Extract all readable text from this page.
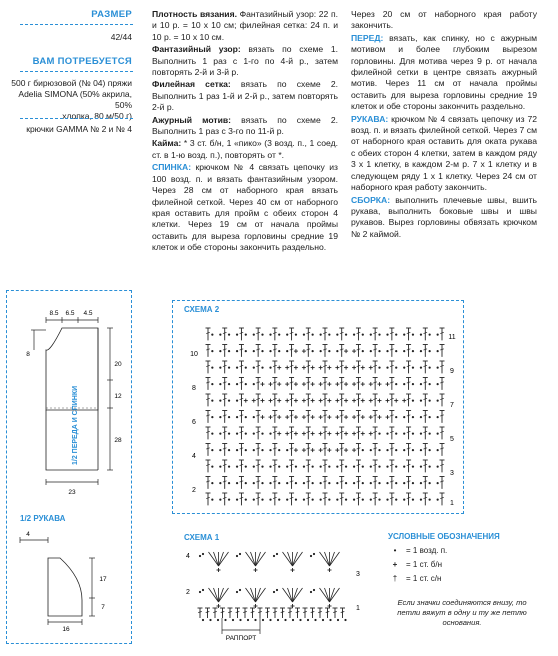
РАЗМЕР
42/44
ВАМ ПОТРЕБУЕТСЯ
500 г бирюзовой (№ 04) пряжи
Adelia SIMONA (50% акрила, 50%
хлопка, 80 м/50 г)
крючки GAMMA № 2 и № 4

Плотность вязания. Фантазийный узор: 22 п. и 10 р. = 10 х 10 см; филейная сетка: 24 п. и 10 р. = 10 х 10 см.

Фантазийный узор: вязать по схеме 1. Выполнить 1 раз с 1-го по 4-й р., затем повторять 2-й и 3-й р.

Филейная сетка: вязать по схеме 2. Выполнить 1 раз 1-й и 2-й р., затем повторять 2-й р.

Ажурный мотив: вязать по схеме 2. Выполнить 1 раз с 3-го по 11-й р.

Кайма: * 3 ст. б/н, 1 «пико» (3 возд. п., 1 соед. ст. в 1-ю возд. п.), повторять от *.

СПИНКА: крючком № 4 связать цепочку из 100 возд. п. и вязать фантазийным узором. Через 28 см от наборного края вязать филейной сеткой. Через 40 см от наборного края оставить для пройм с обеих сторон 4 клетки. Через 19 см от начала проймы оставить для выреза горловины средние 19 клеток и обе стороны закончить раздельно.

Через 20 см от наборного края работу закончить.

ПЕРЕД: вязать, как спинку, но с ажурным мотивом и более глубоким вырезом горловины. Для мотива через 9 р. от начала филейной сетки в центре связать ажурный мотив. Через 11 см от начала проймы оставить для выреза горловины средние 19 клеток и обе стороны закончить раздельно.

РУКАВА: крючком № 4 связать цепочку из 72 возд. п. и вязать филейной сеткой. Через 7 см от наборного края оставить для оката рукава с обеих сторон 4 клетки, затем в каждом ряду 3 х 1 клетку, в каждом 2-м р. 7 х 1 клетку и в следующем ряду 1 х 1 клетку. Через 24 см от наборного края работу закончить.

СБОРКА: выполнить плечевые швы, вшить рукава, выполнить боковые швы и швы рукавов. Вырез горловины обвязать крючком № 2 каймой.

8.5 6.5 4.5
8
20
12
28
23
1/2 ПЕРЕДА И СПИНКИ
1/2 РУКАВА
4
17
7
16
СХЕМА 2
10
8
6
4
2
11
9
7
5
3
1
СХЕМА 1
4
2
3
1
РАППОРТ
УСЛОВНЫЕ ОБОЗНАЧЕНИЯ
• = 1 возд. п.
+ = 1 ст. б/н
† = 1 ст. с/н
Если значки соединяются внизу, то петли вяжут в одну и ту же петлю основания.
